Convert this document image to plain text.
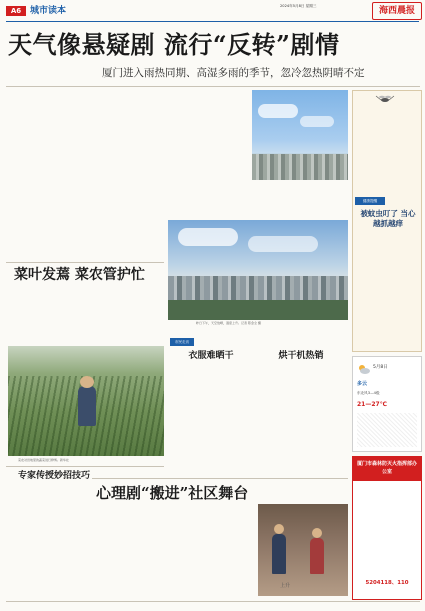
A6 城市读本	2024年5月8日 星期三	海西晨报
天气像悬疑剧 流行“反转”剧情
厦门进入雨热同期、高湿多雨的季节，忽冷忽热阴晴不定
健康提醒
被蚊虫叮了 当心越抓越痒
昨日下午，天空放晴，湿度上升。记者 陈金全 摄
菜叶发蔫 菜农管护忙
菜农对田地里的蔬菜进行修剪。新华社
市民走访
衣服难晒干	烘干机热销
5月8日
多云
东北风3—4级
21—27℃
专家传授妙招技巧
心理剧“搬进”社区舞台
上升
厦门市森林防灭火指挥部办公室
5204118、110
